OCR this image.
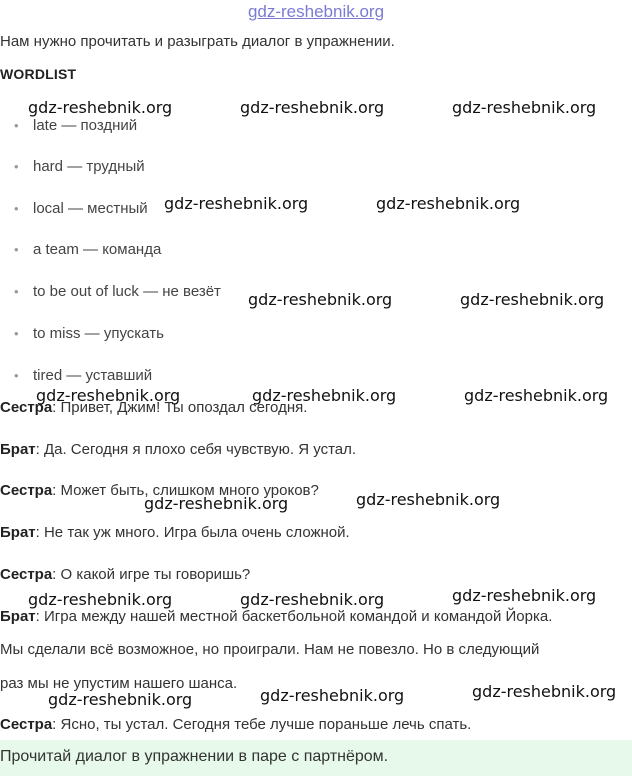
gdz-reshebnik.org
Нам нужно прочитать и разыграть диалог в упражнении.
WORDLIST
• late — поздний
• hard — трудный
• local — местный
• a team — команда
• to be out of luck — не везёт
• to miss — упускать
• tired — уставший
Сестра: Привет, Джим! Ты опоздал сегодня.
Брат: Да. Сегодня я плохо себя чувствую. Я устал.
Сестра: Может быть, слишком много уроков?
Брат: Не так уж много. Игра была очень сложной.
Сестра: О какой игре ты говоришь?
Брат: Игра между нашей местной баскетбольной командой и командой Йорка.
Мы сделали всё возможное, но проиграли. Нам не повезло. Но в следующий
раз мы не упустим нашего шанса.
Сестра: Ясно, ты устал. Сегодня тебе лучше пораньше лечь спать.
Прочитай диалог в упражнении в паре с партнёром.
gdz-reshebnik.org	gdz-reshebnik.org	gdz-reshebnik.org
gdz-reshebnik.org	gdz-reshebnik.org
gdz-reshebnik.org	gdz-reshebnik.org
gdz-reshebnik.org	gdz-reshebnik.org	gdz-reshebnik.org
gdz-reshebnik.org	gdz-reshebnik.org
gdz-reshebnik.org	gdz-reshebnik.org	gdz-reshebnik.org
gdz-reshebnik.org	gdz-reshebnik.org	gdz-reshebnik.org
